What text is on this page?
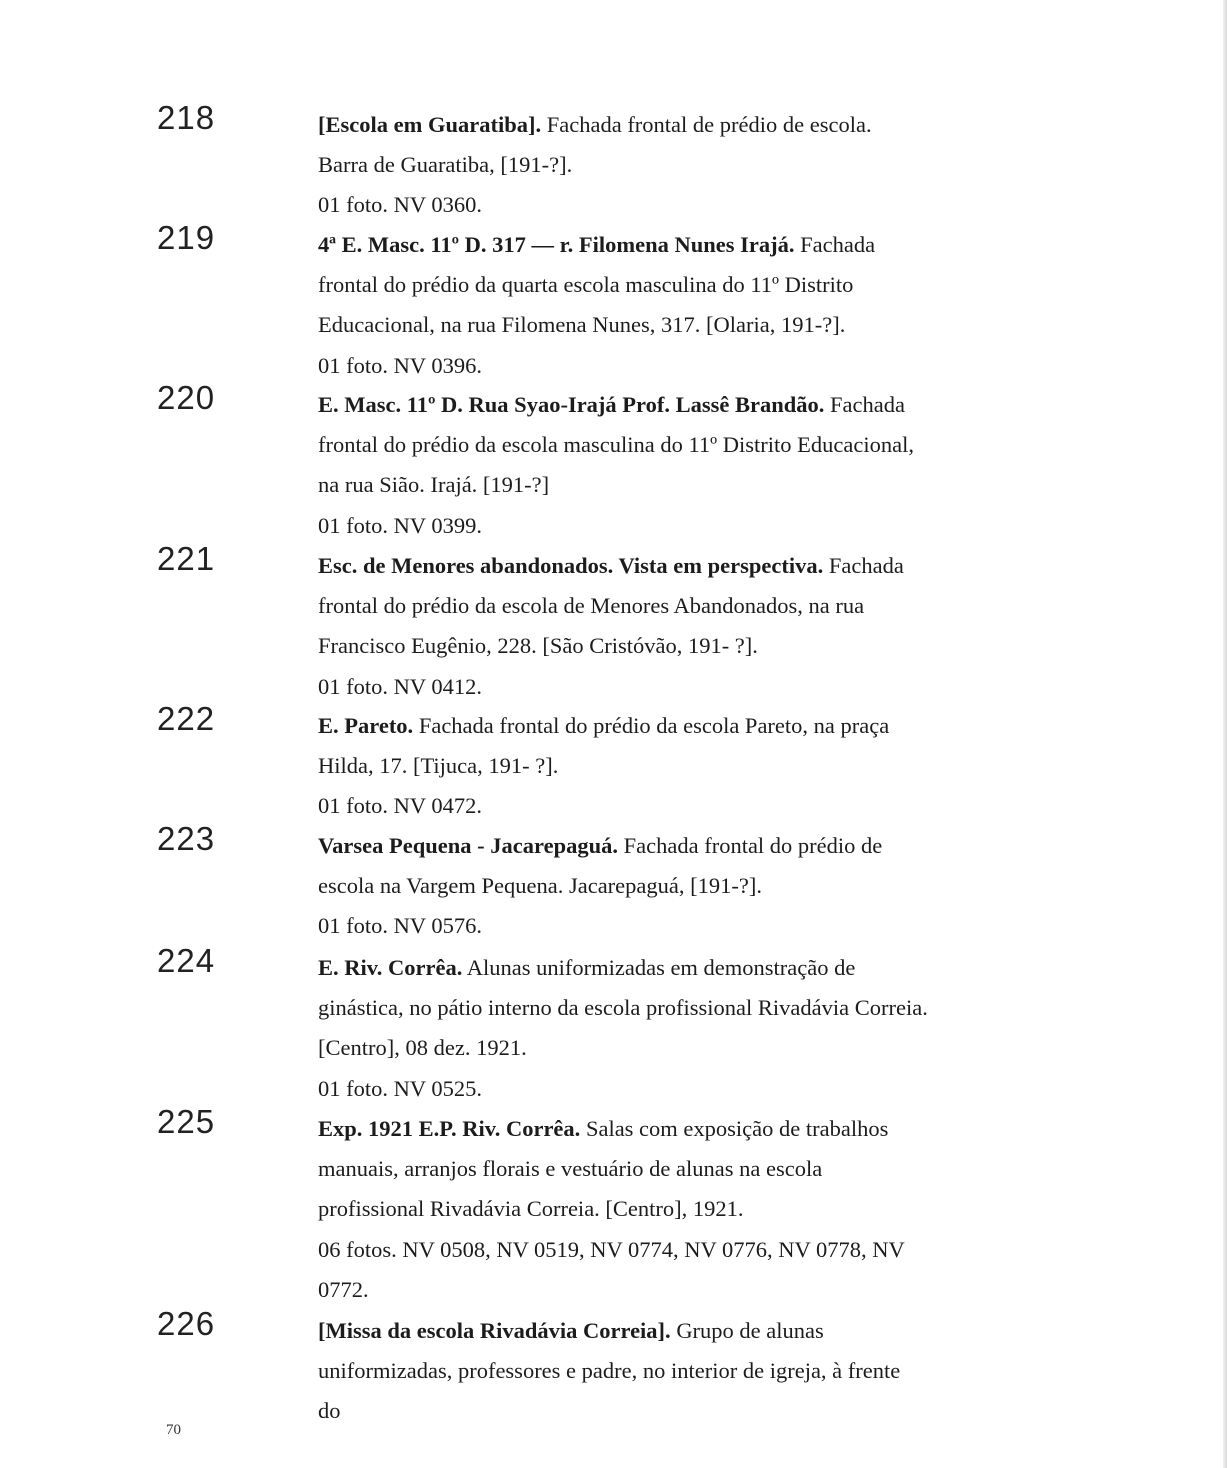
218	[Escola em Guaratiba]. Fachada frontal de prédio de escola. Barra de Guaratiba, [191-?].

01 foto. NV 0360.

219	4ª E. Masc. 11º D. 317 — r. Filomena Nunes Irajá. Fachada frontal do prédio da quarta escola masculina do 11º Distrito Educacional, na rua Filomena Nunes, 317. [Olaria, 191-?].

01 foto. NV 0396.

220	E. Masc. 11º D. Rua Syao-Irajá Prof. Lassê Brandão. Fachada frontal do prédio da escola masculina do 11º Distrito Educacional, na rua Sião. Irajá. [191-?]

01 foto. NV 0399.

221	Esc. de Menores abandonados. Vista em perspectiva. Fachada frontal do prédio da escola de Menores Abandonados, na rua Francisco Eugênio, 228. [São Cristóvão, 191- ?].

01 foto. NV 0412.

222	E. Pareto. Fachada frontal do prédio da escola Pareto, na praça Hilda, 17. [Tijuca, 191- ?].

01 foto. NV 0472.

223	Varsea Pequena - Jacarepaguá. Fachada frontal do prédio de escola na Vargem Pequena. Jacarepaguá, [191-?].

01 foto. NV 0576.

224	E. Riv. Corrêa. Alunas uniformizadas em demonstração de ginástica, no pátio interno da escola profissional Rivadávia Correia. [Centro], 08 dez. 1921.

01 foto. NV 0525.

225	Exp. 1921 E.P. Riv. Corrêa. Salas com exposição de trabalhos manuais, arranjos florais e vestuário de alunas na escola profissional Rivadávia Correia. [Centro], 1921.

06 fotos. NV 0508, NV 0519, NV 0774, NV 0776, NV 0778, NV 0772.

226	[Missa da escola Rivadávia Correia]. Grupo de alunas uniformizadas, professores e padre, no interior de igreja, à frente do

70
